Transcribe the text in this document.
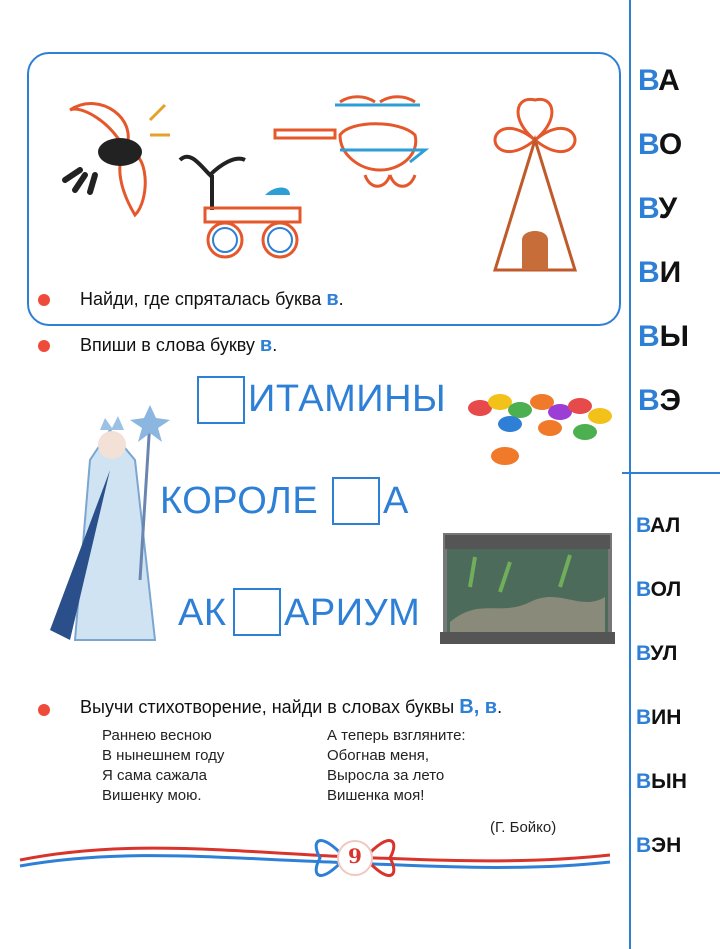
Найди, где спряталась буква в.
Впиши в слова букву в.
ИТАМИНЫ
КОРОЛЕ А
АК АРИУМ
Выучи стихотворение, найди в словах буквы В, в.
Раннею весною
В нынешнем году
Я сама сажала
Вишенку мою.
А теперь взгляните:
Обогнав меня,
Выросла за лето
Вишенка моя!
(Г. Бойко)
9
ВА
ВО
ВУ
ВИ
ВЫ
ВЭ
ВАЛ
ВОЛ
ВУЛ
ВИН
ВЫН
ВЭН
